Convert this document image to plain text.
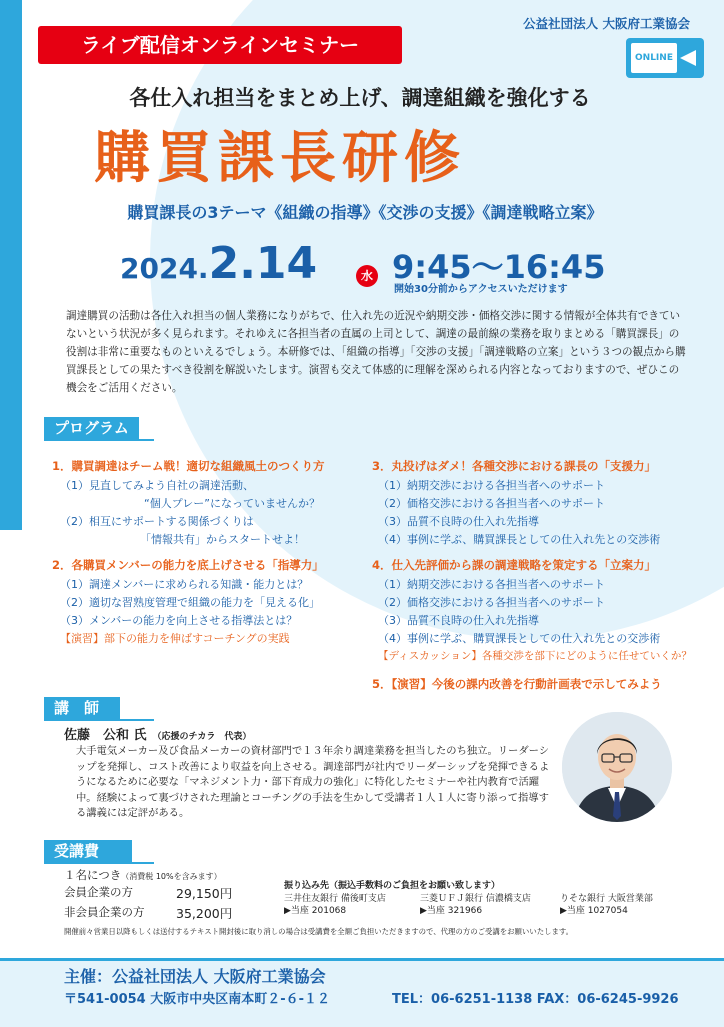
ライブ配信オンラインセミナー
公益社団法人 大阪府工業協会
ONLINE
各仕入れ担当をまとめ上げ、調達組織を強化する
購買課長研修
購買課長の3テーマ《組織の指導》《交渉の支援》《調達戦略立案》
2024.2.14	水 9:45～16:45
開始30分前からアクセスいただけます
調達購買の活動は各仕入れ担当の個人業務になりがちで、仕入れ先の近況や納期交渉・価格交渉に関する情報が全体共有できていないという状況が多く見られます。それゆえに各担当者の直属の上司として、調達の最前線の業務を取りまとめる「購買課長」の役割は非常に重要なものといえるでしょう。本研修では、「組織の指導」「交渉の支援」「調達戦略の立案」という３つの観点から購買課長としての果たすべき役割を解説いたします。演習も交えて体感的に理解を深められる内容となっておりますので、ぜひこの機会をご活用ください。
プログラム
1．購買調達はチーム戦！適切な組織風土のつくり方
（1）見直してみよう自社の調達活動、
“個人プレー”になっていませんか？
（2）相互にサポートする関係づくりは
「情報共有」からスタートせよ！
2．各購買メンバーの能力を底上げさせる「指導力」
（1）調達メンバーに求められる知識・能力とは？
（2）適切な習熟度管理で組織の能力を「見える化」
（3）メンバーの能力を向上させる指導法とは？
【演習】部下の能力を伸ばすコーチングの実践
3．丸投げはダメ！各種交渉における課長の「支援力」
（1）納期交渉における各担当者へのサポート
（2）価格交渉における各担当者へのサポート
（3）品質不良時の仕入れ先指導
（4）事例に学ぶ、購買課長としての仕入れ先との交渉術
4．仕入先評価から課の調達戦略を策定する「立案力」
（1）納期交渉における各担当者へのサポート
（2）価格交渉における各担当者へのサポート
（3）品質不良時の仕入れ先指導
（4）事例に学ぶ、購買課長としての仕入れ先との交渉術
【ディスカッション】各種交渉を部下にどのように任せていくか？
5．【演習】今後の課内改善を行動計画表で示してみよう
講　師
佐藤　公和 氏 （応援のチカラ　代表）
大手電気メーカー及び食品メーカーの資材部門で１３年余り調達業務を担当したのち独立。リーダーシップを発揮し、コスト改善により収益を向上させる。調達部門が社内でリーダーシップを発揮できるようになるために必要な「マネジメント力・部下育成力の強化」に特化したセミナーや社内教育で活躍中。経験によって裏づけされた理論とコーチングの手法を生かして受講者１人１人に寄り添って指導する講義には定評がある。
受講費
１名につき（消費税 10%を含みます）
会員企業の方	29,150円
非会員企業の方	35,200円
振り込み先（振込手数料のご負担をお願い致します）
三井住友銀行 備後町支店
▶当座 201068
三菱ＵＦＪ銀行 信濃橋支店
▶当座 321966
りそな銀行 大阪営業部
▶当座 1027054
開催前々営業日以降もしくは送付するテキスト開封後に取り消しの場合は受講費を全額ご負担いただきますので、代理の方のご受講をお願いいたします。
主催：公益社団法人 大阪府工業協会
〒541-0054 大阪市中央区南本町２-６-１２	TEL：06-6251-1138 FAX：06-6245-9926
